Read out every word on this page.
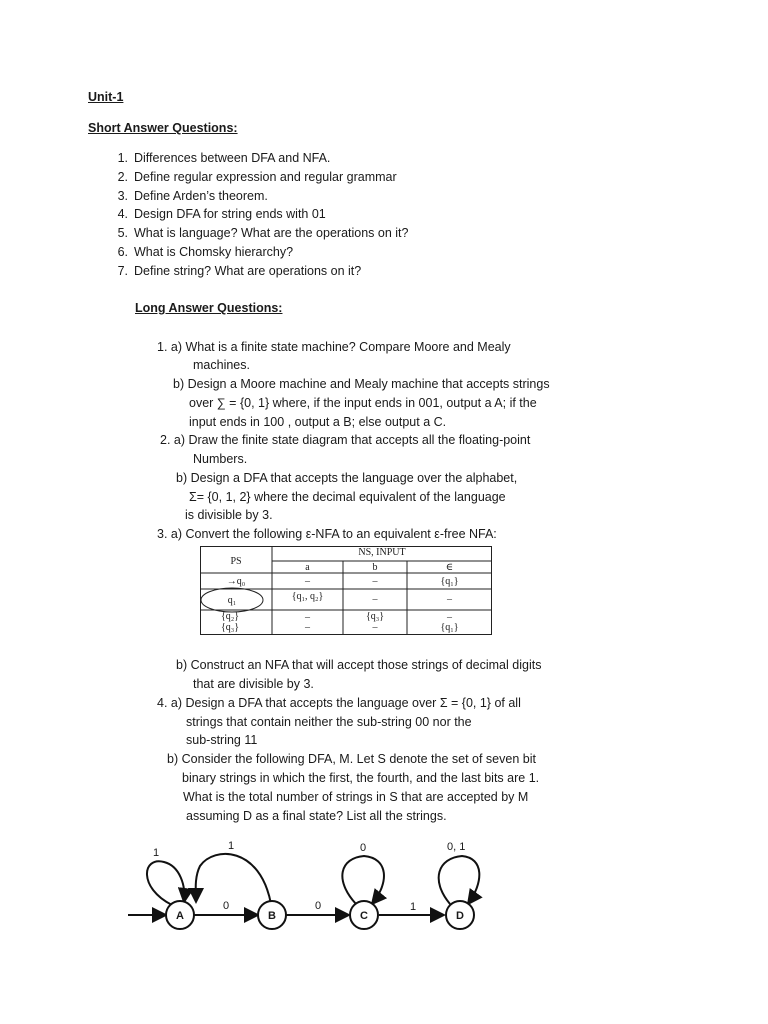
Unit-1
Short Answer Questions:
1. Differences between DFA and NFA.
2. Define regular expression and regular grammar
3. Define Arden’s theorem.
4. Design DFA for string ends with 01
5. What is language? What are the operations on it?
6. What is Chomsky hierarchy?
7. Define string? What are operations on it?
Long Answer Questions:
1. a) What is a finite state machine? Compare Moore and Mealy
machines.
b) Design a Moore machine and Mealy machine that accepts strings
over ∑ = {0, 1} where, if the input ends in 001, output a A; if the
input ends in 100 , output a B; else output a C.
2. a) Draw the finite state diagram that accepts all the floating-point
Numbers.
b) Design a DFA that accepts the language over the alphabet,
Σ= {0, 1, 2} where the decimal equivalent of the language
is divisible by 3.
3. a) Convert the following ε-NFA to an equivalent ε-free NFA:
b) Construct an NFA that will accept those strings of decimal digits
that are divisible by 3.
4. a) Design a DFA that accepts the language over Σ = {0, 1} of all
strings that contain neither the sub-string 00 nor the
sub-string 11
b) Consider the following DFA, M. Let S denote the set of seven bit
binary strings in which the first, the fourth, and the last bits are 1.
What is the total number of strings in S that are accepted by M
assuming D as a final state? List all the strings.
PS
NS, INPUT
a	b	∈
→q₀	–	–	{q₁}
q₁	{q₁, q₂}	–	–
{q₂}	–	{q₃}	–
{q₃}	–	–	{q₁}
A	B	C	D
1
1	0	0, 1
0	0	1
